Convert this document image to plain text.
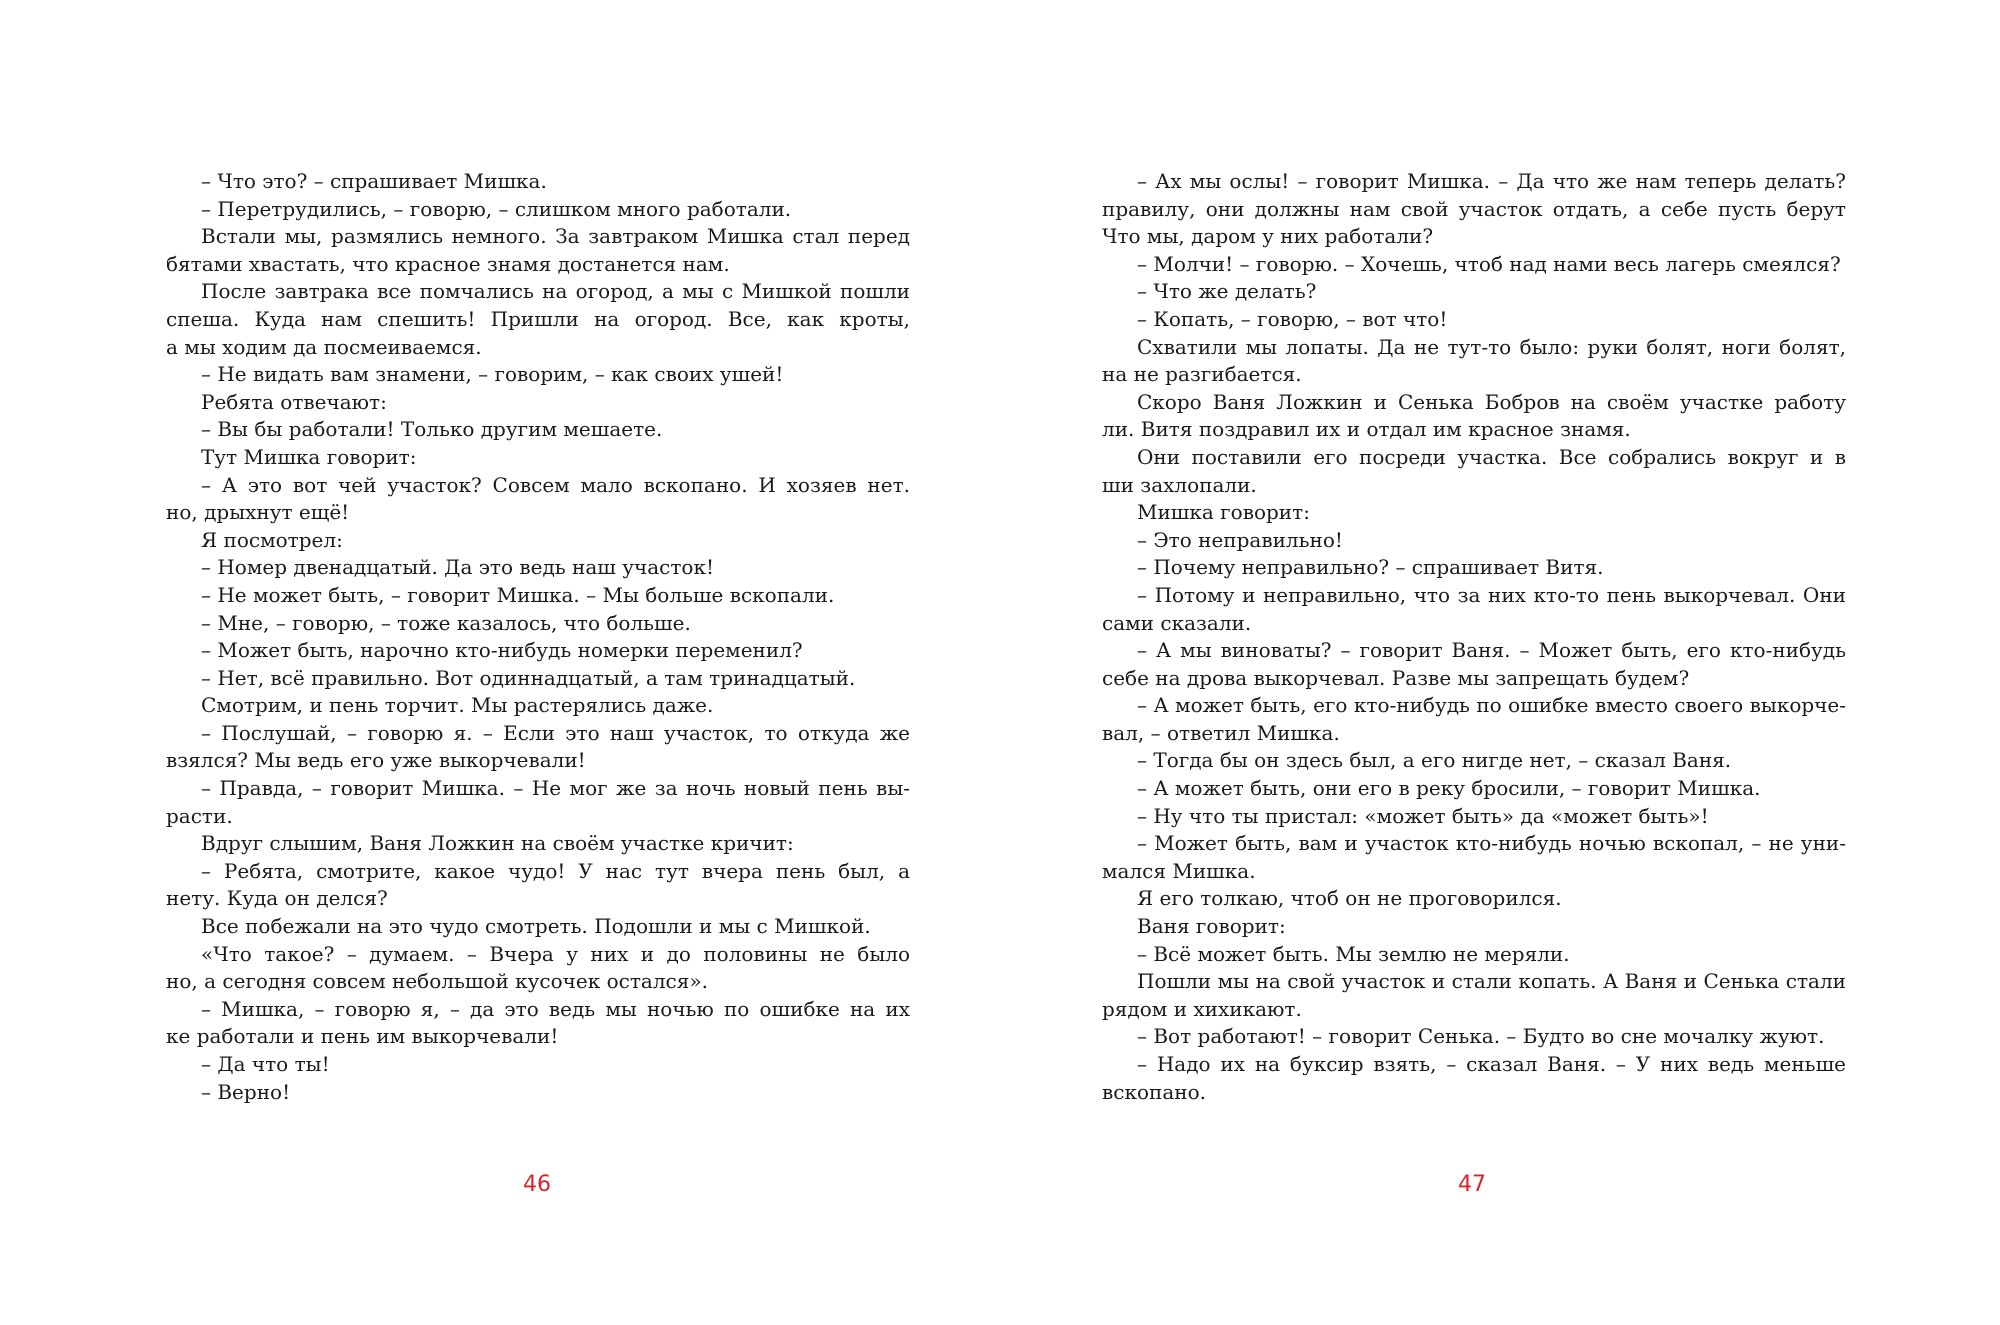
– Что это? – спрашивает Мишка.
– Перетрудились, – говорю, – слишком много работали.
Встали мы, размялись немного. За завтраком Мишка стал перед
бятами хвастать, что красное знамя достанется нам.
После завтрака все помчались на огород, а мы с Мишкой пошли
спеша. Куда нам спешить! Пришли на огород. Все, как кроты,
а мы ходим да посмеиваемся.
– Не видать вам знамени, – говорим, – как своих ушей!
Ребята отвечают:
– Вы бы работали! Только другим мешаете.
Тут Мишка говорит:
– А это вот чей участок? Совсем мало вскопано. И хозяев нет.
но, дрыхнут ещё!
Я посмотрел:
– Номер двенадцатый. Да это ведь наш участок!
– Не может быть, – говорит Мишка. – Мы больше вскопали.
– Мне, – говорю, – тоже казалось, что больше.
– Может быть, нарочно кто-нибудь номерки переменил?
– Нет, всё правильно. Вот одиннадцатый, а там тринадцатый.
Смотрим, и пень торчит. Мы растерялись даже.
– Послушай, – говорю я. – Если это наш участок, то откуда же
взялся? Мы ведь его уже выкорчевали!
– Правда, – говорит Мишка. – Не мог же за ночь новый пень вы-
расти.
Вдруг слышим, Ваня Ложкин на своём участке кричит:
– Ребята, смотрите, какое чудо! У нас тут вчера пень был, а
нету. Куда он делся?
Все побежали на это чудо смотреть. Подошли и мы с Мишкой.
«Что такое? – думаем. – Вчера у них и до половины не было
но, а сегодня совсем небольшой кусочек остался».
– Мишка, – говорю я, – да это ведь мы ночью по ошибке на их
ке работали и пень им выкорчевали!
– Да что ты!
– Верно!
46
– Ах мы ослы! – говорит Мишка. – Да что же нам теперь делать?
правилу, они должны нам свой участок отдать, а себе пусть берут
Что мы, даром у них работали?
– Молчи! – говорю. – Хочешь, чтоб над нами весь лагерь смеялся?
– Что же делать?
– Копать, – говорю, – вот что!
Схватили мы лопаты. Да не тут-то было: руки болят, ноги болят,
на не разгибается.
Скоро Ваня Ложкин и Сенька Бобров на своём участке работу
ли. Витя поздравил их и отдал им красное знамя.
Они поставили его посреди участка. Все собрались вокруг и в
ши захлопали.
Мишка говорит:
– Это неправильно!
– Почему неправильно? – спрашивает Витя.
– Потому и неправильно, что за них кто-то пень выкорчевал. Они
сами сказали.
– А мы виноваты? – говорит Ваня. – Может быть, его кто-нибудь
себе на дрова выкорчевал. Разве мы запрещать будем?
– А может быть, его кто-нибудь по ошибке вместо своего выкорче-
вал, – ответил Мишка.
– Тогда бы он здесь был, а его нигде нет, – сказал Ваня.
– А может быть, они его в реку бросили, – говорит Мишка.
– Ну что ты пристал: «может быть» да «может быть»!
– Может быть, вам и участок кто-нибудь ночью вскопал, – не уни-
мался Мишка.
Я его толкаю, чтоб он не проговорился.
Ваня говорит:
– Всё может быть. Мы землю не меряли.
Пошли мы на свой участок и стали копать. А Ваня и Сенька стали
рядом и хихикают.
– Вот работают! – говорит Сенька. – Будто во сне мочалку жуют.
– Надо их на буксир взять, – сказал Ваня. – У них ведь меньше
вскопано.
47
